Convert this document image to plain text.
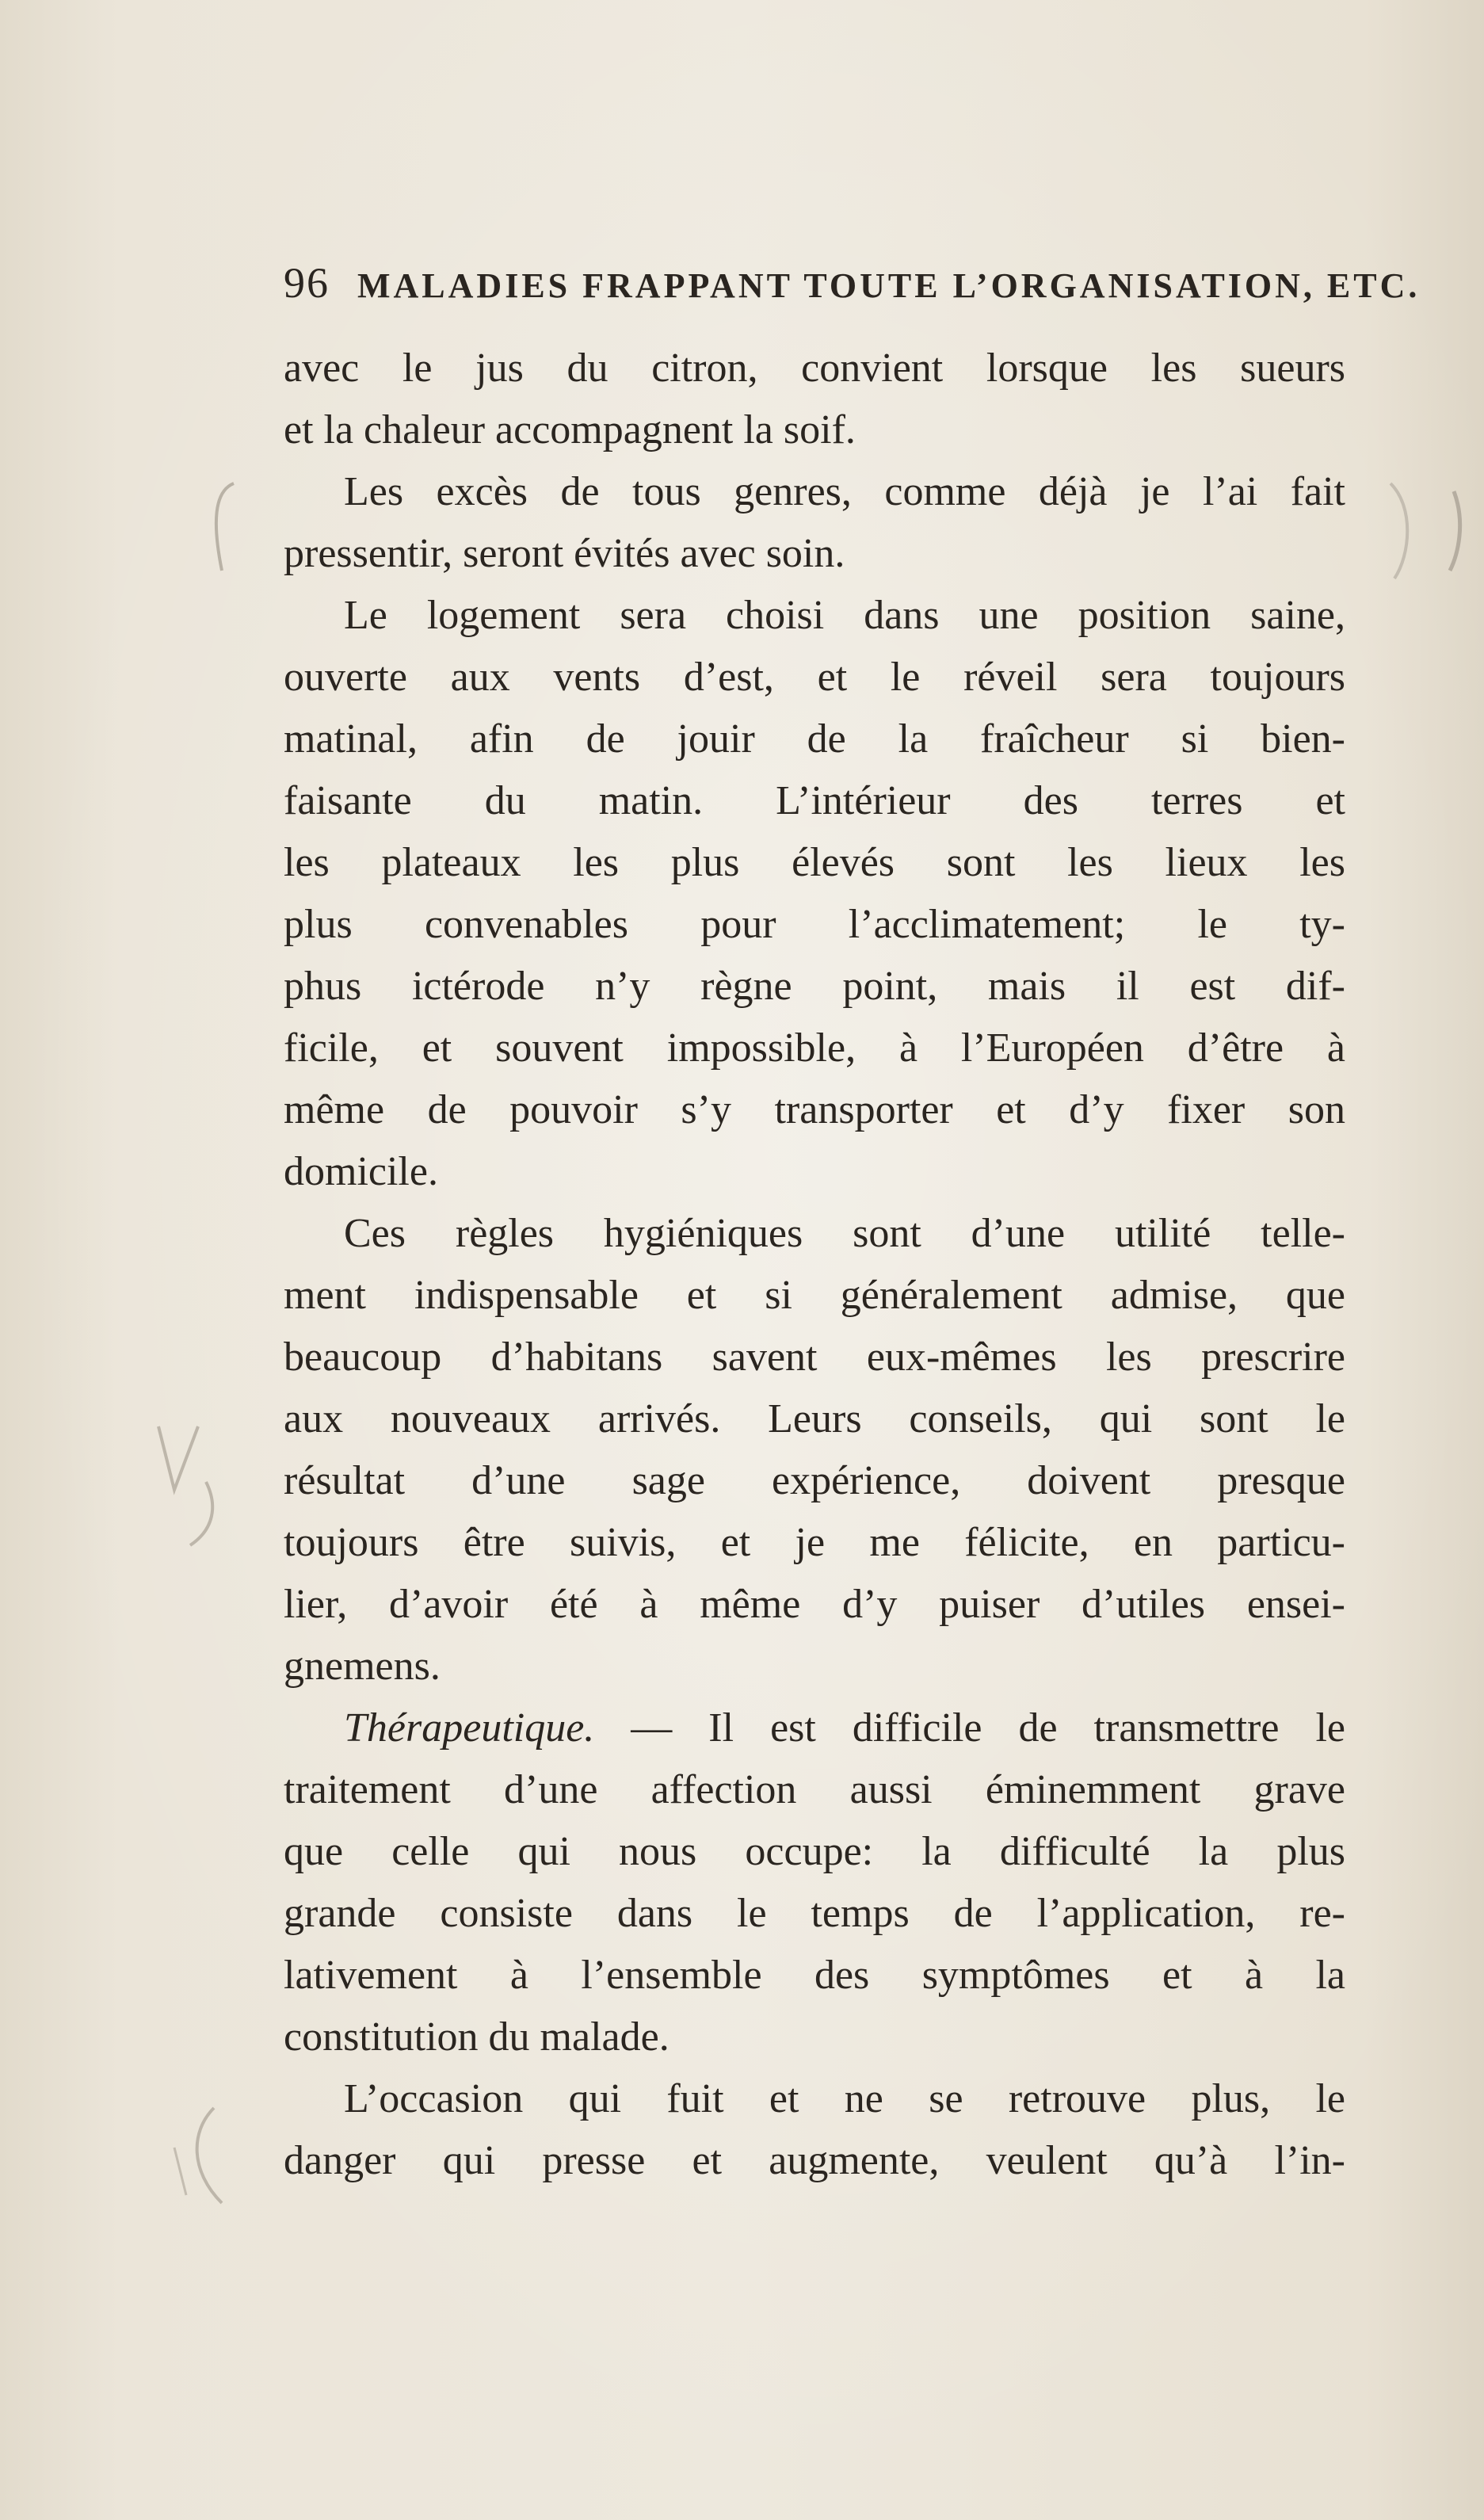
96 MALADIES FRAPPANT TOUTE L’ORGANISATION, ETC.
avec le jus du citron, convient lorsque les sueurs
et la chaleur accompagnent la soif.
Les excès de tous genres, comme déjà je l’ai fait
pressentir, seront évités avec soin.
Le logement sera choisi dans une position saine,
ouverte aux vents d’est, et le réveil sera toujours
matinal, afin de jouir de la fraîcheur si bien-
faisante du matin. L’intérieur des terres et
les plateaux les plus élevés sont les lieux les
plus convenables pour l’acclimatement; le ty-
phus ictérode n’y règne point, mais il est dif-
ficile, et souvent impossible, à l’Européen d’être à
même de pouvoir s’y transporter et d’y fixer son
domicile.
Ces règles hygiéniques sont d’une utilité telle-
ment indispensable et si généralement admise, que
beaucoup d’habitans savent eux-mêmes les prescrire
aux nouveaux arrivés. Leurs conseils, qui sont le
résultat d’une sage expérience, doivent presque
toujours être suivis, et je me félicite, en particu-
lier, d’avoir été à même d’y puiser d’utiles ensei-
gnemens.
Thérapeutique. — Il est difficile de transmettre le
traitement d’une affection aussi éminemment grave
que celle qui nous occupe: la difficulté la plus
grande consiste dans le temps de l’application, re-
lativement à l’ensemble des symptômes et à la
constitution du malade.
L’occasion qui fuit et ne se retrouve plus, le
danger qui presse et augmente, veulent qu’à l’in-
